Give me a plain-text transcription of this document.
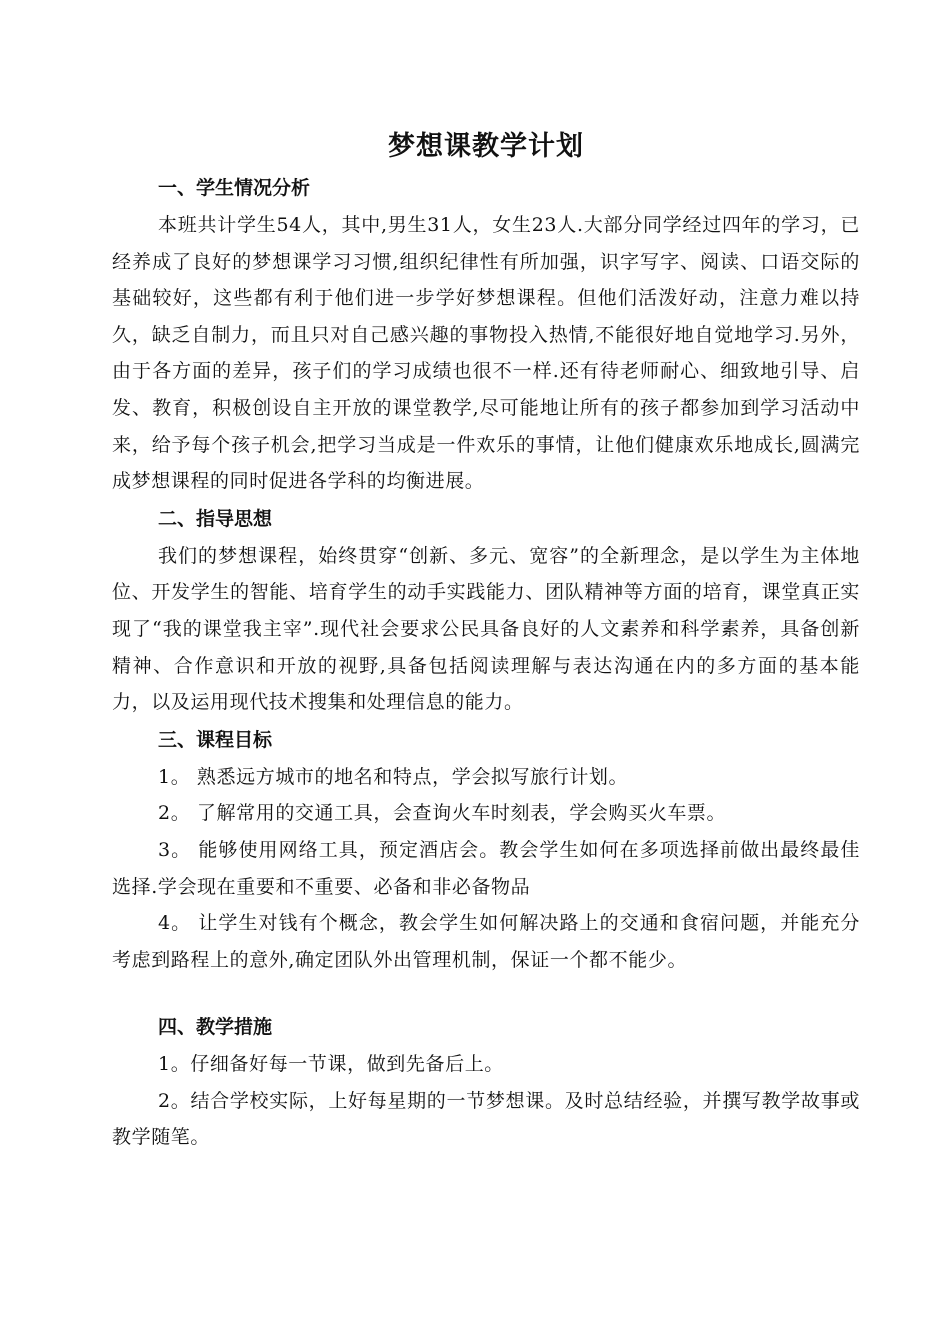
梦想课教学计划
一、学生情况分析

本班共计学生54人，其中,男生31人，女生23人.大部分同学经过四年的学习，已经养成了良好的梦想课学习习惯,组织纪律性有所加强，识字写字、阅读、口语交际的基础较好，这些都有利于他们进一步学好梦想课程。但他们活泼好动，注意力难以持久，缺乏自制力，而且只对自己感兴趣的事物投入热情,不能很好地自觉地学习.另外，由于各方面的差异，孩子们的学习成绩也很不一样.还有待老师耐心、细致地引导、启发、教育，积极创设自主开放的课堂教学,尽可能地让所有的孩子都参加到学习活动中来，给予每个孩子机会,把学习当成是一件欢乐的事情，让他们健康欢乐地成长,圆满完成梦想课程的同时促进各学科的均衡进展。

二、指导思想

我们的梦想课程，始终贯穿“创新、多元、宽容”的全新理念，是以学生为主体地位、开发学生的智能、培育学生的动手实践能力、团队精神等方面的培育，课堂真正实现了“我的课堂我主宰”.现代社会要求公民具备良好的人文素养和科学素养，具备创新精神、合作意识和开放的视野,具备包括阅读理解与表达沟通在内的多方面的基本能力，以及运用现代技术搜集和处理信息的能力。

三、课程目标

1。 熟悉远方城市的地名和特点，学会拟写旅行计划。

2。 了解常用的交通工具，会查询火车时刻表，学会购买火车票。

3。 能够使用网络工具，预定酒店会。教会学生如何在多项选择前做出最终最佳选择.学会现在重要和不重要、必备和非必备物品

4。 让学生对钱有个概念，教会学生如何解决路上的交通和食宿问题，并能充分考虑到路程上的意外,确定团队外出管理机制，保证一个都不能少。

四、教学措施

1。仔细备好每一节课，做到先备后上。

2。结合学校实际，上好每星期的一节梦想课。及时总结经验，并撰写教学故事或教学随笔。
